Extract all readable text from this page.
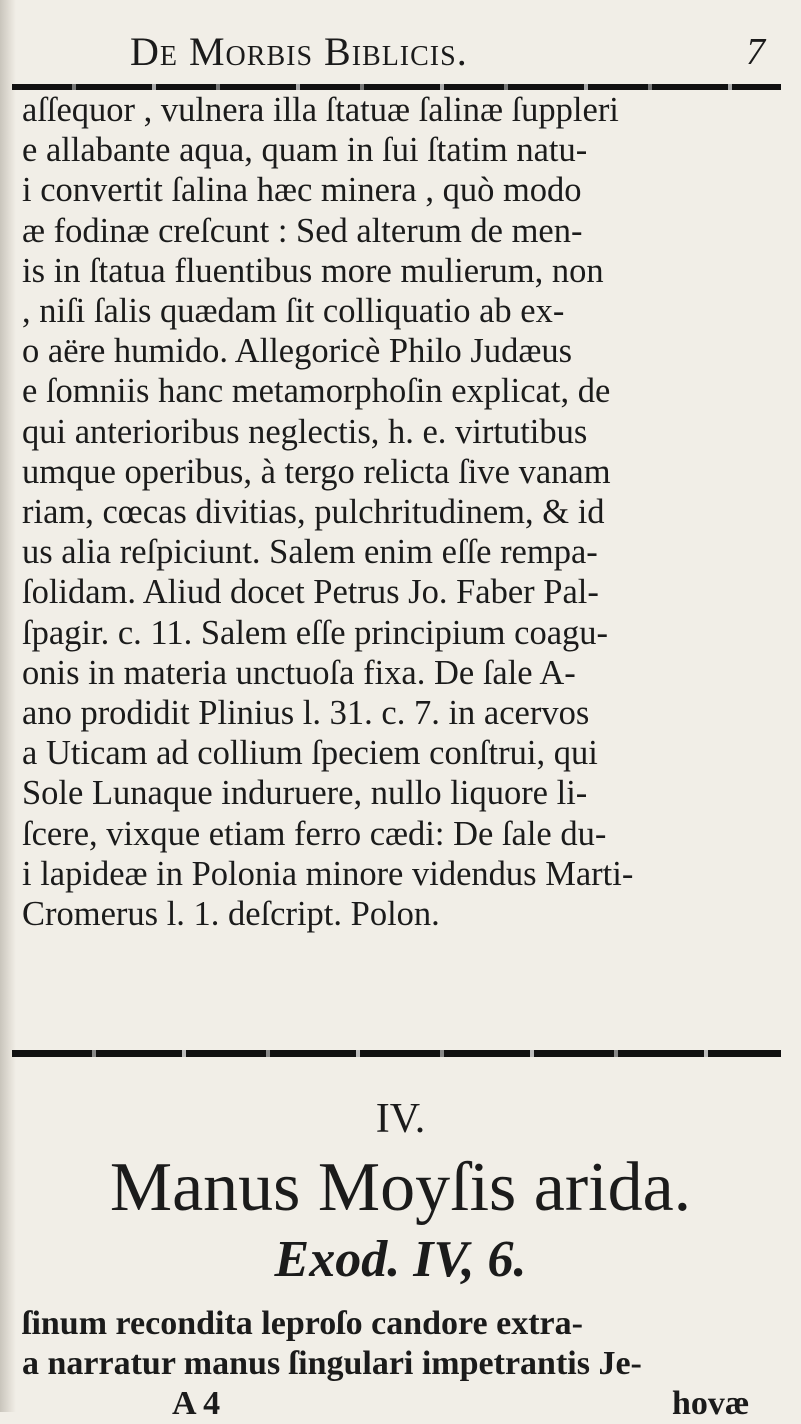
De Morbis Biblicis.	7
aſſequor , vulnera illa ſtatuæ ſalinæ ſuppleri
e allabante aqua, quam in ſui ſtatim natu-
i convertit ſalina hæc minera , quò modo
æ fodinæ creſcunt : Sed alterum de men-
is in ſtatua fluentibus more mulierum, non
, niſi ſalis quædam ſit colliquatio ab ex-
o aëre humido. Allegoricè Philo Judæus
e ſomniis hanc metamorphoſin explicat, de
qui anterioribus neglectis, h. e. virtutibus
umque operibus, à tergo relicta ſive vanam
riam, cœcas divitias, pulchritudinem, & id
us alia reſpiciunt. Salem enim eſſe rempa-
ſolidam. Aliud docet Petrus Jo. Faber Pal-
ſpagir. c. 11. Salem eſſe principium coagu-
onis in materia unctuoſa fixa. De ſale A-
ano prodidit Plinius l. 31. c. 7. in acervos
a Uticam ad collium ſpeciem conſtrui, qui
Sole Lunaque induruere, nullo liquore li-
ſcere, vixque etiam ferro cædi: De ſale du-
i lapideæ in Polonia minore videndus Marti-
Cromerus l. 1. deſcript. Polon.
IV.
Manus Moyſis arida.
Exod. IV, 6.
ſinum recondita leproſo candore extra-
a narratur manus ſingulari impetrantis Je-
A 4	hovæ
